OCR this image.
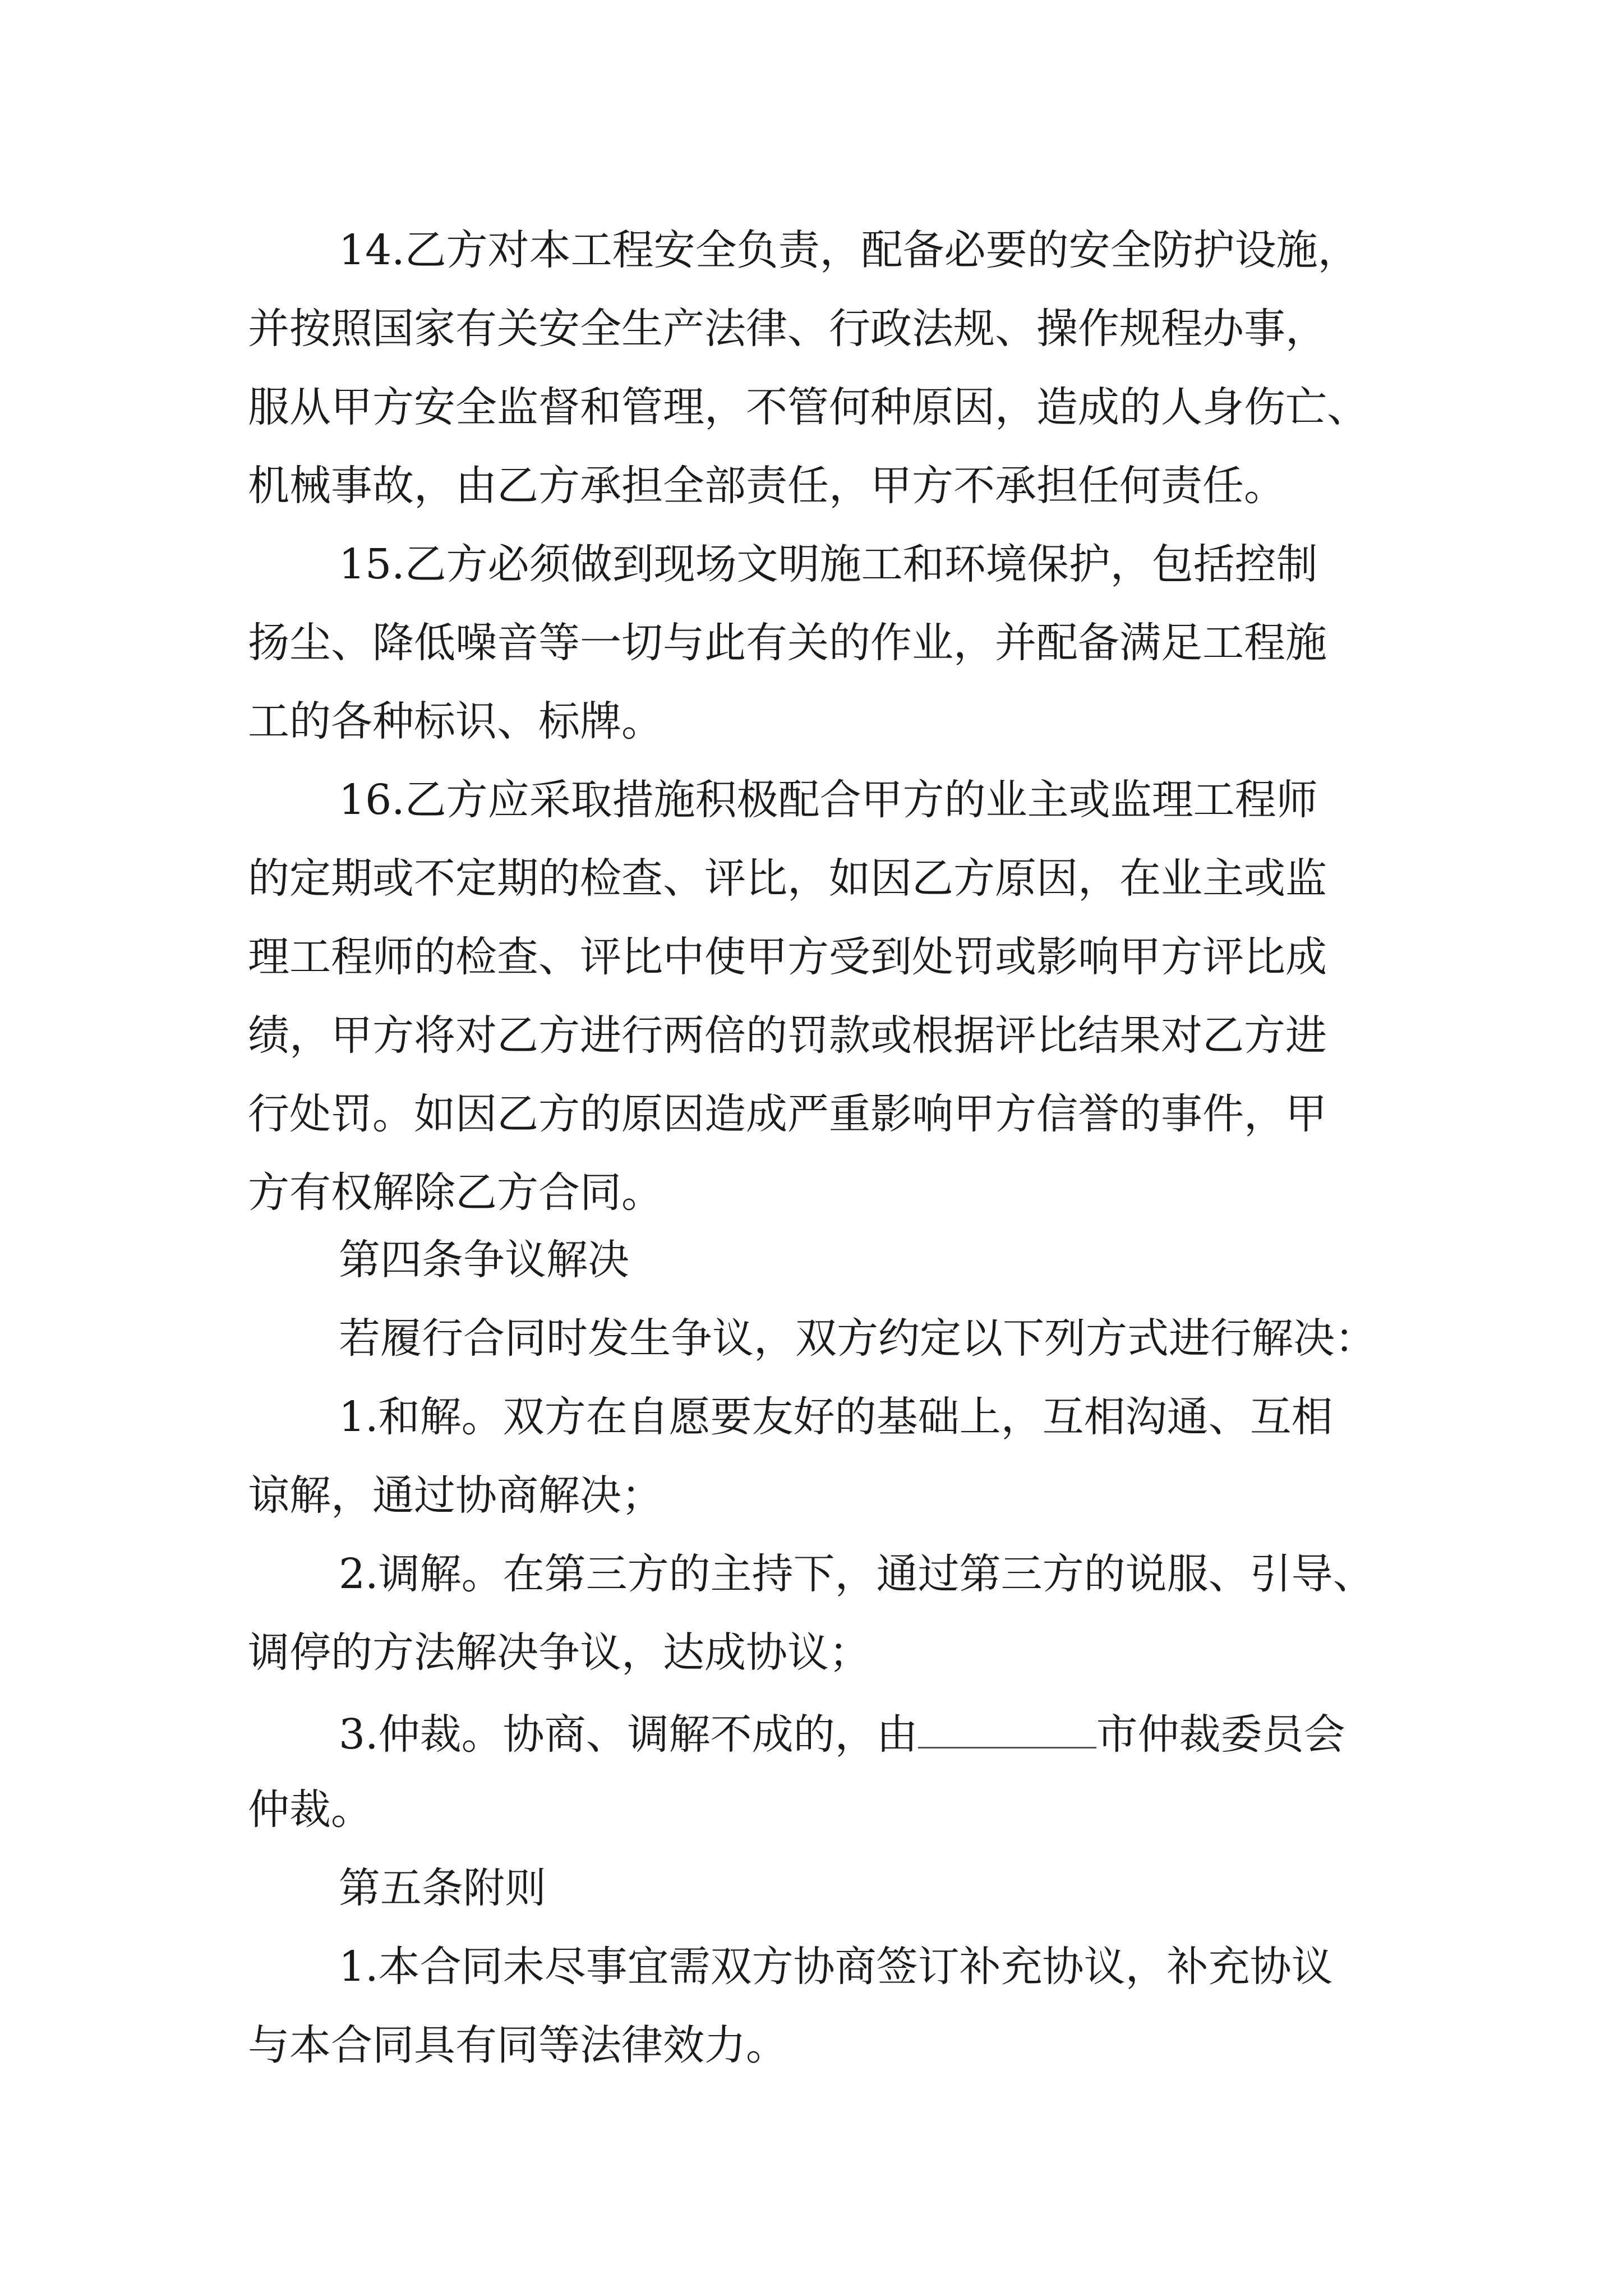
14.乙方对本工程安全负责，配备必要的安全防护设施，
并按照国家有关安全生产法律、行政法规、操作规程办事，
服从甲方安全监督和管理，不管何种原因，造成的人身伤亡、
机械事故，由乙方承担全部责任，甲方不承担任何责任。
15.乙方必须做到现场文明施工和环境保护，包括控制
扬尘、降低噪音等一切与此有关的作业，并配备满足工程施
工的各种标识、标牌。
16.乙方应采取措施积极配合甲方的业主或监理工程师
的定期或不定期的检查、评比，如因乙方原因，在业主或监
理工程师的检查、评比中使甲方受到处罚或影响甲方评比成
绩，甲方将对乙方进行两倍的罚款或根据评比结果对乙方进
行处罚。如因乙方的原因造成严重影响甲方信誉的事件，甲
方有权解除乙方合同。
第四条争议解决
若履行合同时发生争议，双方约定以下列方式进行解决：
1.和解。双方在自愿要友好的基础上，互相沟通、互相
谅解，通过协商解决；
2.调解。在第三方的主持下，通过第三方的说服、引导、
调停的方法解决争议，达成协议；
3.仲裁。协商、调解不成的，由	市仲裁委员会
仲裁。
第五条附则
1.本合同未尽事宜需双方协商签订补充协议，补充协议
与本合同具有同等法律效力。
